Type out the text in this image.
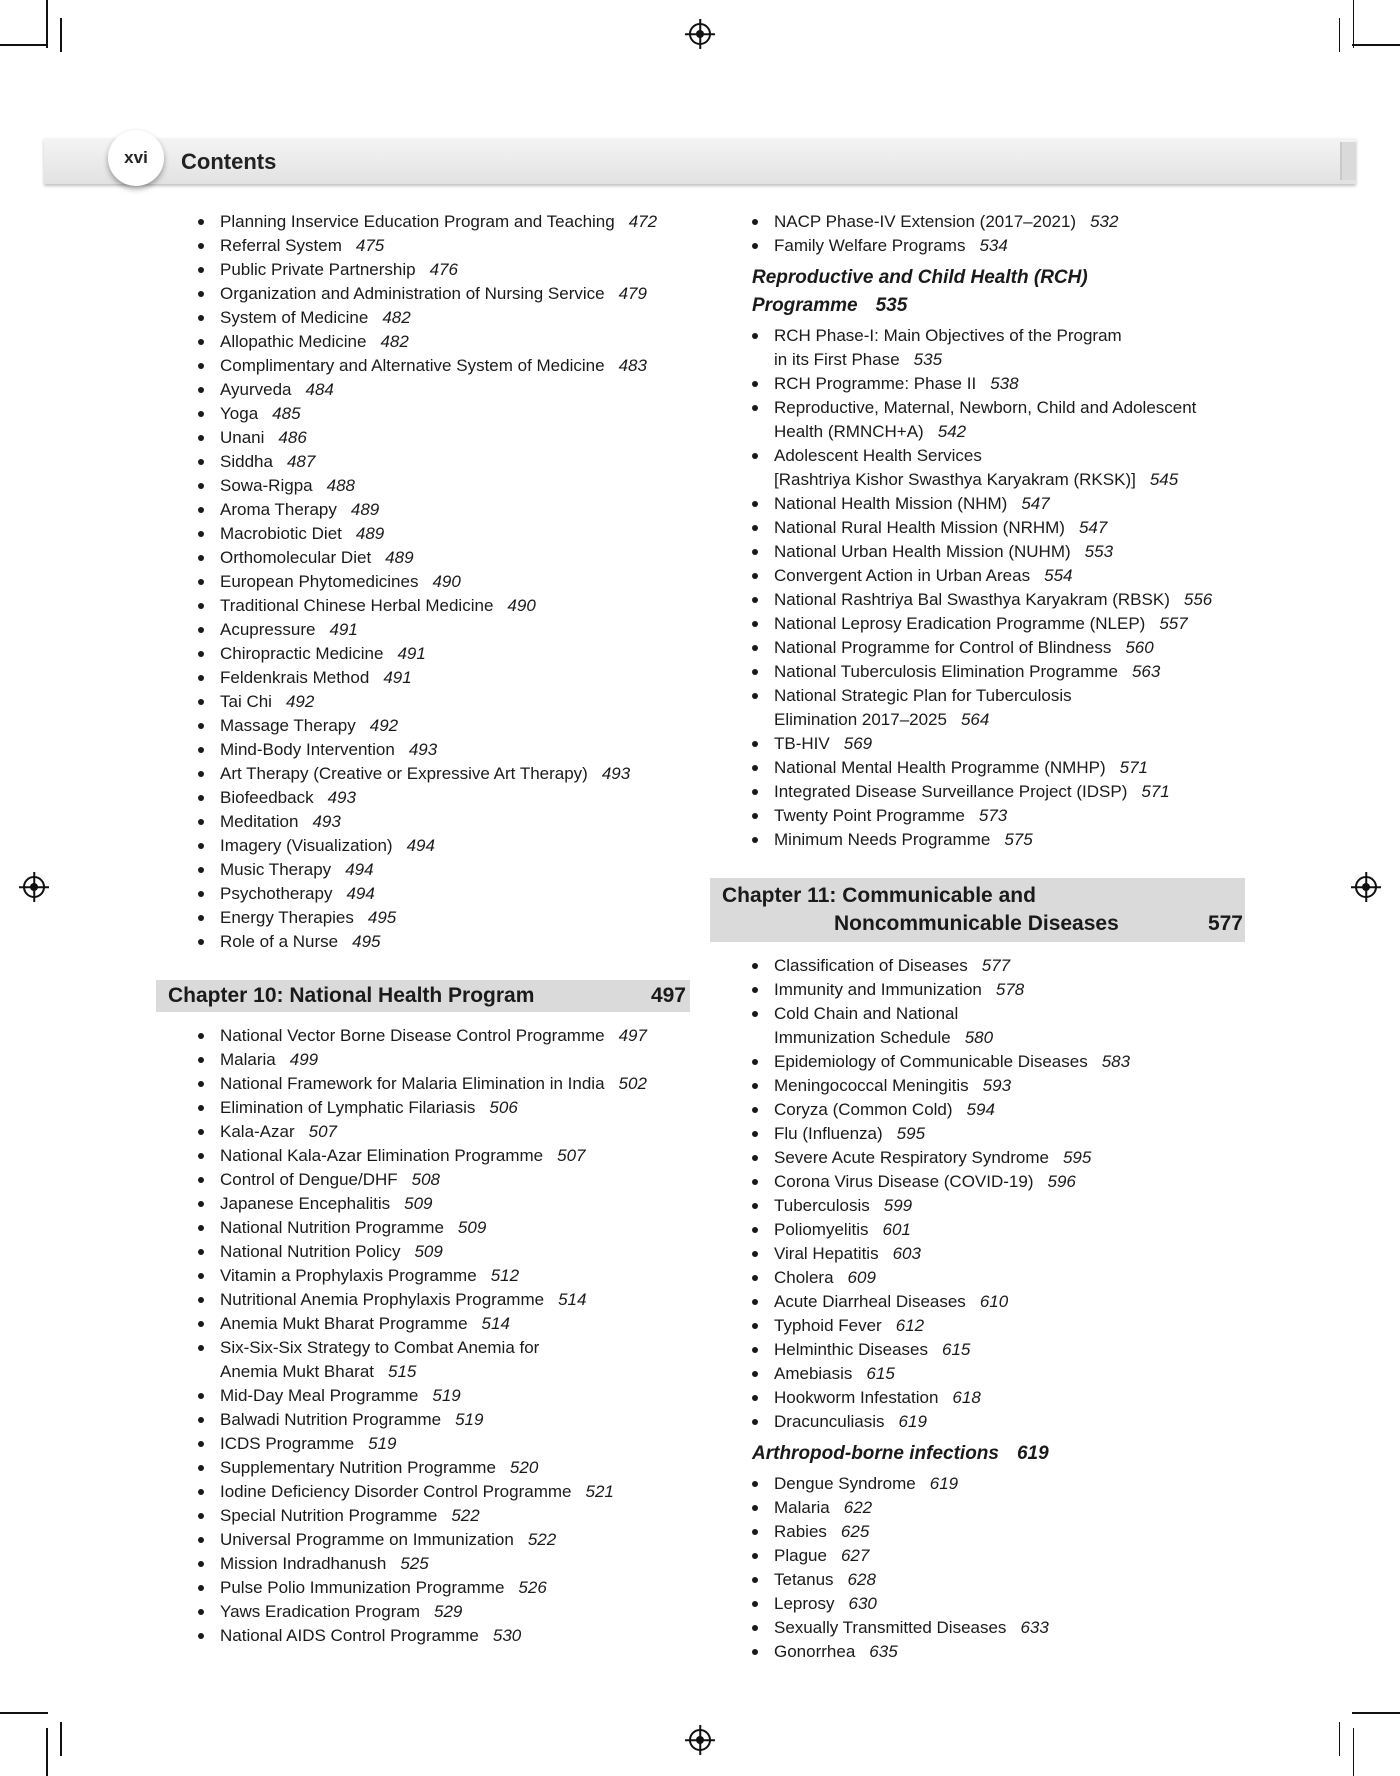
xvi	Contents
Planning Inservice Education Program and Teaching 472
Referral System 475
Public Private Partnership 476
Organization and Administration of Nursing Service 479
System of Medicine 482
Allopathic Medicine 482
Complimentary and Alternative System of Medicine 483
Ayurveda 484
Yoga 485
Unani 486
Siddha 487
Sowa-Rigpa 488
Aroma Therapy 489
Macrobiotic Diet 489
Orthomolecular Diet 489
European Phytomedicines 490
Traditional Chinese Herbal Medicine 490
Acupressure 491
Chiropractic Medicine 491
Feldenkrais Method 491
Tai Chi 492
Massage Therapy 492
Mind-Body Intervention 493
Art Therapy (Creative or Expressive Art Therapy) 493
Biofeedback 493
Meditation 493
Imagery (Visualization) 494
Music Therapy 494
Psychotherapy 494
Energy Therapies 495
Role of a Nurse 495
Chapter 10: National Health Program	497
National Vector Borne Disease Control Programme 497
Malaria 499
National Framework for Malaria Elimination in India 502
Elimination of Lymphatic Filariasis 506
Kala-Azar 507
National Kala-Azar Elimination Programme 507
Control of Dengue/DHF 508
Japanese Encephalitis 509
National Nutrition Programme 509
National Nutrition Policy 509
Vitamin a Prophylaxis Programme 512
Nutritional Anemia Prophylaxis Programme 514
Anemia Mukt Bharat Programme 514
Six-Six-Six Strategy to Combat Anemia for
Anemia Mukt Bharat 515
Mid-Day Meal Programme 519
Balwadi Nutrition Programme 519
ICDS Programme 519
Supplementary Nutrition Programme 520
Iodine Deficiency Disorder Control Programme 521
Special Nutrition Programme 522
Universal Programme on Immunization 522
Mission Indradhanush 525
Pulse Polio Immunization Programme 526
Yaws Eradication Program 529
National AIDS Control Programme 530
NACP Phase-IV Extension (2017–2021) 532
Family Welfare Programs 534
Reproductive and Child Health (RCH) Programme 535
RCH Phase-I: Main Objectives of the Program
in its First Phase 535
RCH Programme: Phase II 538
Reproductive, Maternal, Newborn, Child and Adolescent
Health (RMNCH+A) 542
Adolescent Health Services
[Rashtriya Kishor Swasthya Karyakram (RKSK)] 545
National Health Mission (NHM) 547
National Rural Health Mission (NRHM) 547
National Urban Health Mission (NUHM) 553
Convergent Action in Urban Areas 554
National Rashtriya Bal Swasthya Karyakram (RBSK) 556
National Leprosy Eradication Programme (NLEP) 557
National Programme for Control of Blindness 560
National Tuberculosis Elimination Programme 563
National Strategic Plan for Tuberculosis
Elimination 2017–2025 564
TB-HIV 569
National Mental Health Programme (NMHP) 571
Integrated Disease Surveillance Project (IDSP) 571
Twenty Point Programme 573
Minimum Needs Programme 575
Chapter 11: Communicable and
Noncommunicable Diseases	577
Classification of Diseases 577
Immunity and Immunization 578
Cold Chain and National
Immunization Schedule 580
Epidemiology of Communicable Diseases 583
Meningococcal Meningitis 593
Coryza (Common Cold) 594
Flu (Influenza) 595
Severe Acute Respiratory Syndrome 595
Corona Virus Disease (COVID-19) 596
Tuberculosis 599
Poliomyelitis 601
Viral Hepatitis 603
Cholera 609
Acute Diarrheal Diseases 610
Typhoid Fever 612
Helminthic Diseases 615
Amebiasis 615
Hookworm Infestation 618
Dracunculiasis 619
Arthropod-borne infections 619
Dengue Syndrome 619
Malaria 622
Rabies 625
Plague 627
Tetanus 628
Leprosy 630
Sexually Transmitted Diseases 633
Gonorrhea 635
